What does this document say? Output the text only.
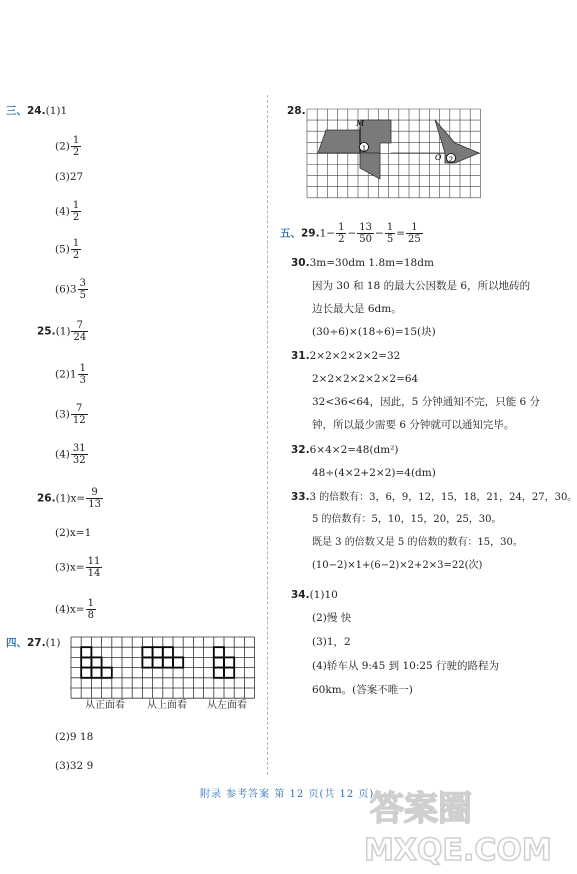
三、24.(1)1
$(2) \frac{1}{2}$
(3)27
$(4) \frac{1}{2}$
$(5) \frac{1}{2}$
$(6)3 \frac{3}{5}$
$25.(1) \frac{7}{24}$
$(2)1 \frac{1}{3}$
$(3) \frac{7}{12}$
$(4) \frac{31}{32}$
$26.(1)x= \frac{9}{13}$
(2)x=1
$(3)x= \frac{11}{14}$
$(4)x= \frac{1}{8}$
四、27.(1)
从正面看 从上面看 从左面看
(2)9 18
(3)32 9
28.
1
2
M
O
五、$29.1- \frac{1}{2} - \frac{13}{50} - \frac{1}{5} = \frac{1}{25}$
30.3m=30dm 1.8m=18dm
因为 30 和 18 的最大公因数是 6，所以地砖的
边长最大是 6dm。
(30÷6)×(18÷6)=15(块)
31.2×2×2×2×2=32
2×2×2×2×2×2=64
32<36<64，因此，5 分钟通知不完，只能 6 分
钟，所以最少需要 6 分钟就可以通知完毕。
32.6×4×2=48(dm²)
48÷(4×2+2×2)=4(dm)
33.3 的倍数有：3，6，9，12，15，18，21，24，27，30。
5 的倍数有：5，10，15，20，25，30。
既是 3 的倍数又是 5 的倍数的数有：15，30。
(10−2)×1+(6−2)×2+2×3=22(次)
34.(1)10
(2)慢 快
(3)1，2
(4)轿车从 9:45 到 10:25 行驶的路程为
60km。(答案不唯一)
附录 参考答案 第 12 页(共 12 页)
答案圈
MXQE.COM
